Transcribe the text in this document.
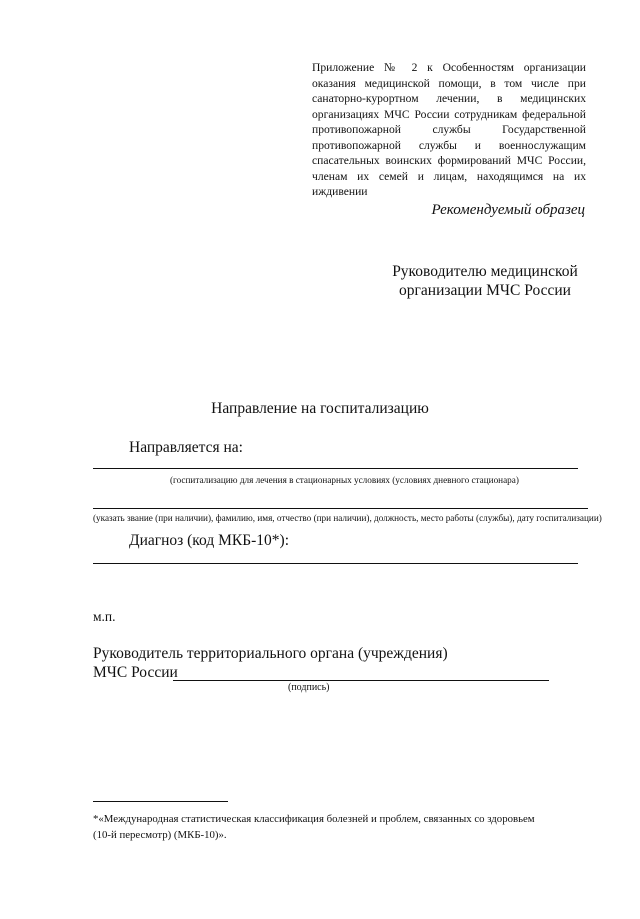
Приложение № 2 к Особенностям организации
оказания медицинской помощи, в том числе при
санаторно-курортном лечении, в медицинских
организациях МЧС России сотрудникам федеральной
противопожарной службы Государственной
противопожарной службы и военнослужащим
спасательных воинских формирований МЧС России,
членам их семей и лицам, находящимся на их
иждивении
Рекомендуемый образец
Руководителю медицинской
организации МЧС России
Направление на госпитализацию
Направляется на:
(госпитализацию для лечения в стационарных условиях (условиях дневного стационара)
(указать звание (при наличии), фамилию, имя, отчество (при наличии), должность, место работы (службы), дату госпитализации)
Диагноз (код МКБ-10*):
м.п.
Руководитель территориального органа (учреждения)
МЧС России
(подпись)
*«Международная статистическая классификация болезней и проблем, связанных со здоровьем
(10-й пересмотр) (МКБ-10)».
